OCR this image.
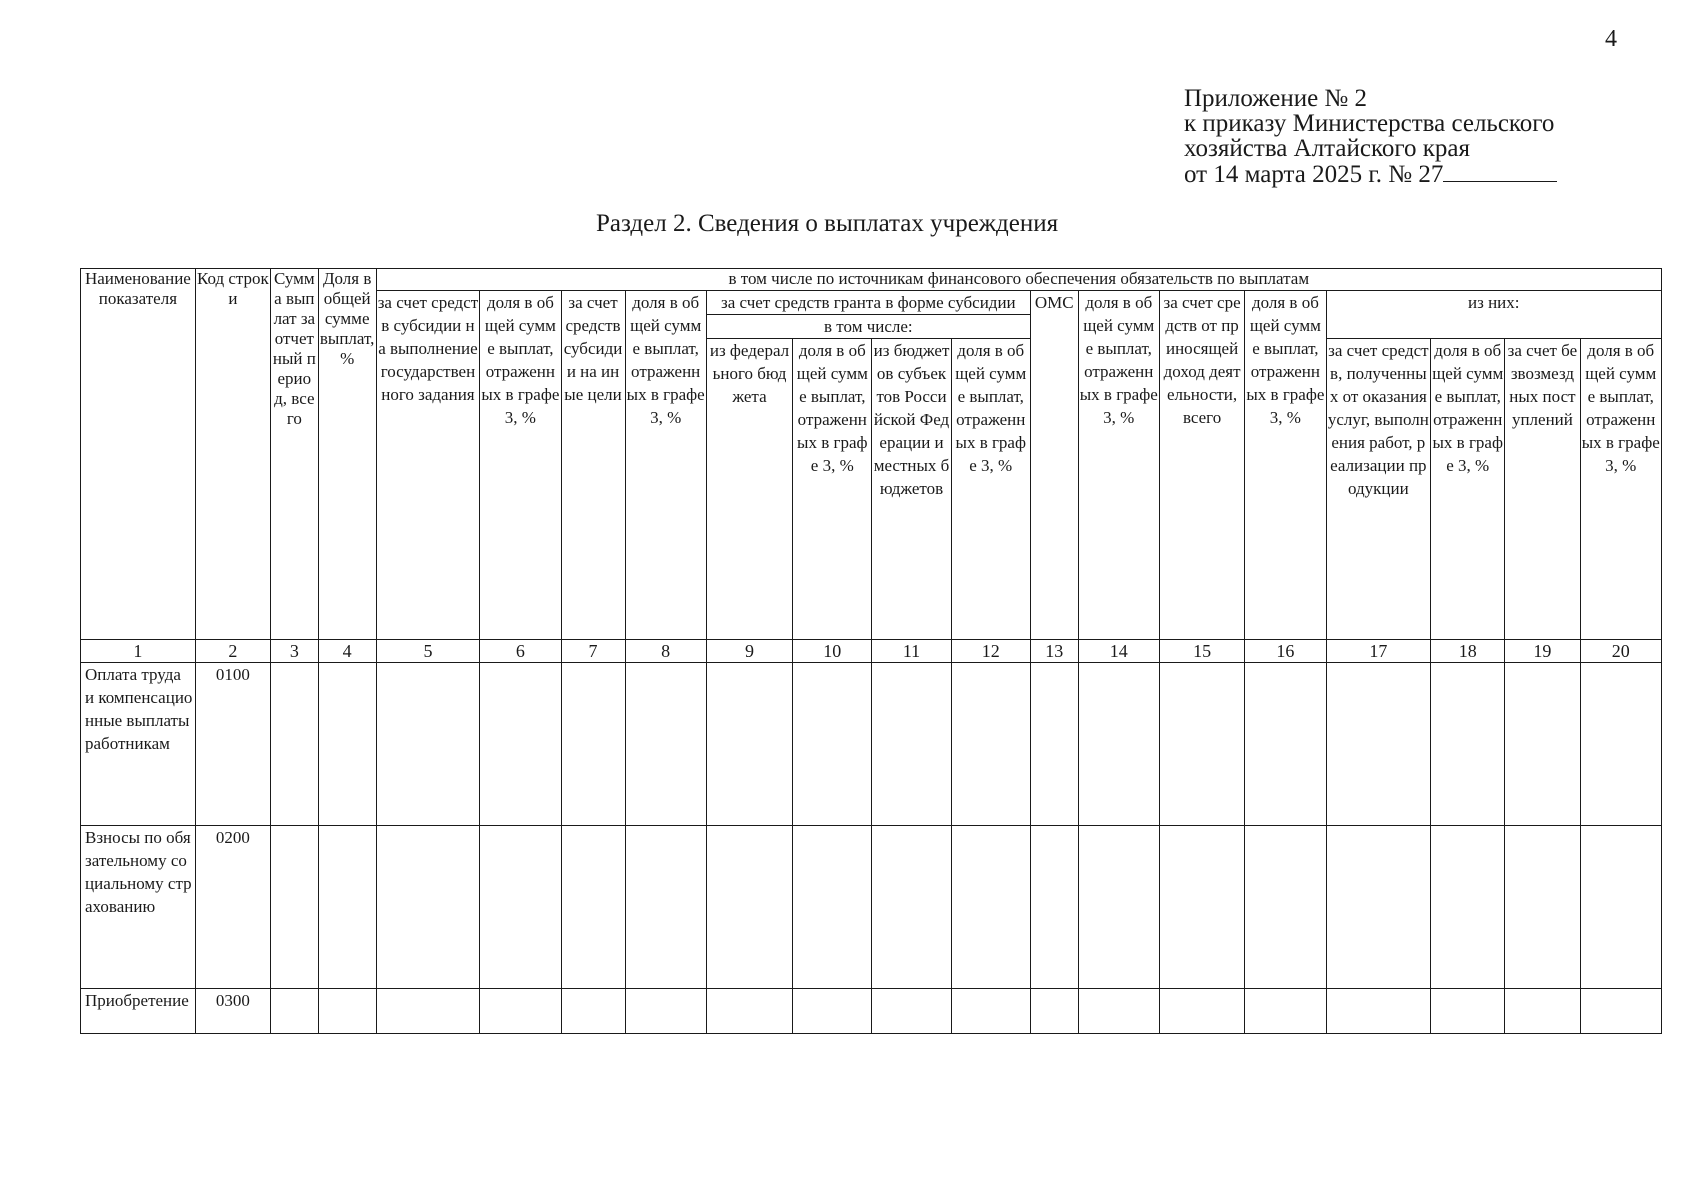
4
Приложение № 2
к приказу Министерства сельского
хозяйства Алтайского края
от 14 марта 2025 г. № 27
Раздел 2. Сведения о выплатах учреждения
Наименование показателя	Код строки	Сумма выплат за отчетный период, всего	Доля в общей сумме выплат, %	в том числе по источникам финансового обеспечения обязательств по выплатам															
				за счет средств субсидии на выполнение государственного задания	доля в общей сумме выплат, отраженных в графе 3, %	за счет средств субсидии на иные цели	доля в общей сумме выплат, отраженных в графе 3, %	за счет средств гранта в форме субсидии				ОМС	доля в общей сумме выплат, отраженных в графе 3, %	за счет средств от приносящей доход деятельности, всего	доля в общей сумме выплат, отраженных в графе 3, %	из них:			
								в том числе:											
								из федерального бюджета	доля в общей сумме выплат, отраженных в графе 3, %	из бюджетов субъектов Российской Федерации и местных бюджетов	доля в общей сумме выплат, отраженных в графе 3, %					за счет средств, полученных от оказания услуг, выполнения работ, реализации продукции	доля в общей сумме выплат, отраженных в графе 3, %	за счет безвозмездных поступлений	доля в общей сумме выплат, отраженных в графе 3, %
1	2	3	4	5	6	7	8	9	10	11	12	13	14	15	16	17	18	19	20
Оплата труда и компенсационные выплаты работникам	0100																		
Взносы по обязательному социальному страхованию	0200																		
Приобретение	0300																		
